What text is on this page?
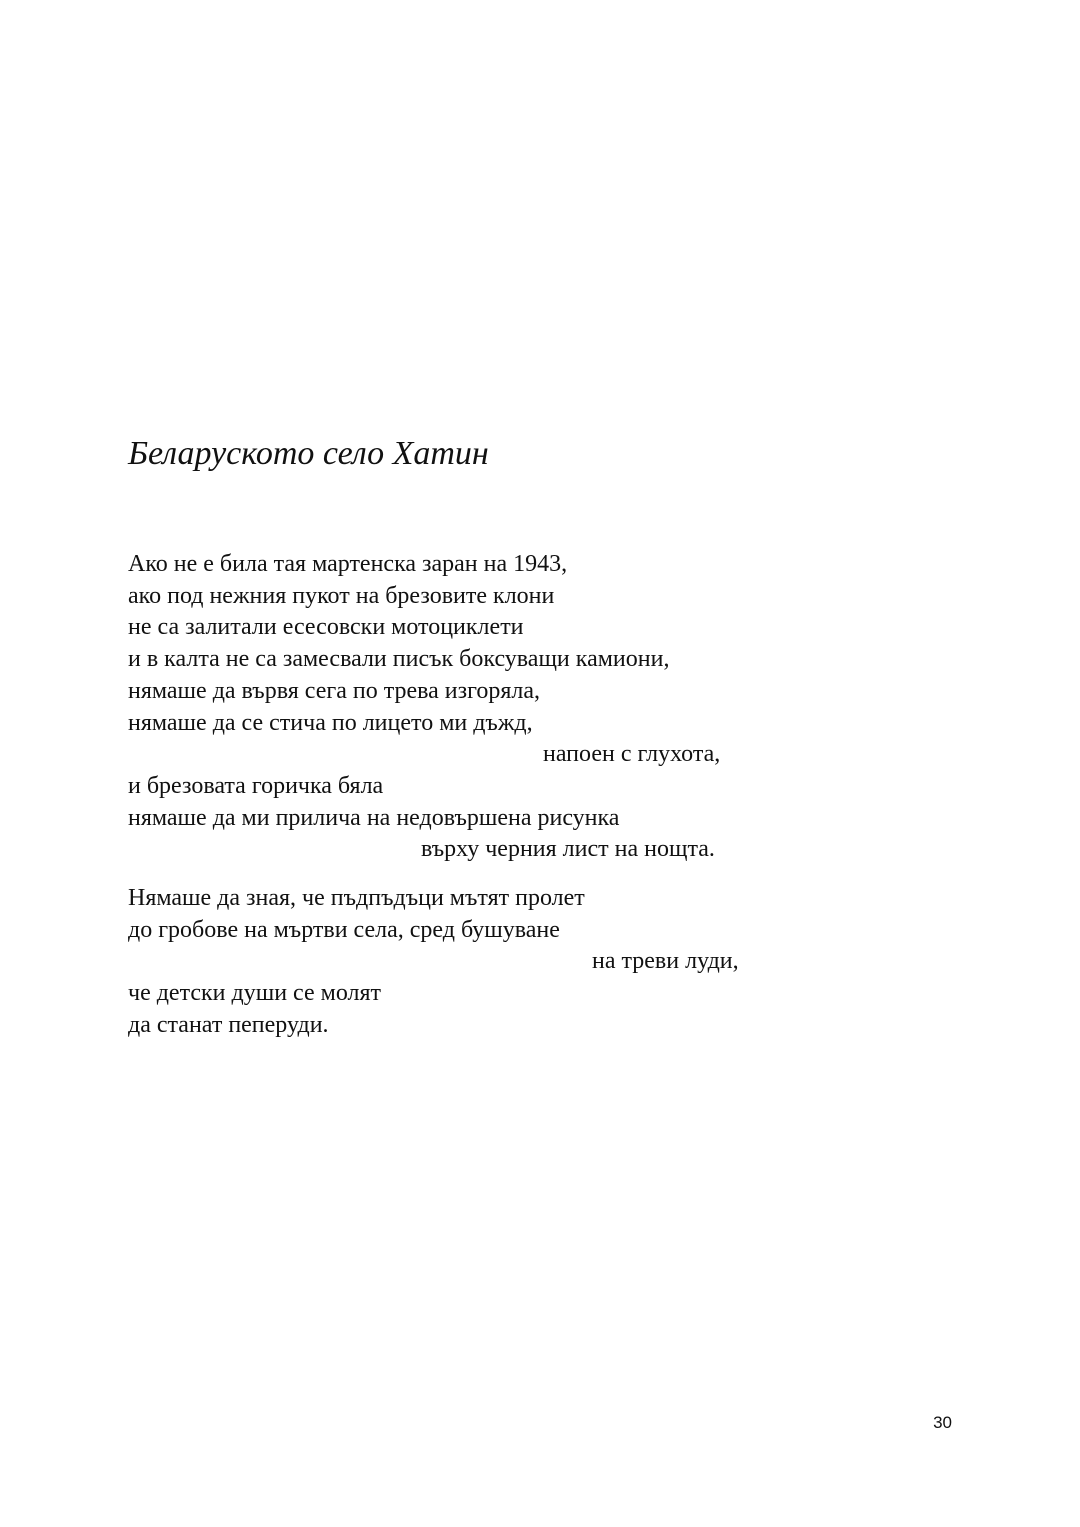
Беларуското село Хатин
Ако не е била тая мартенска заран на 1943,
ако под нежния пукот на брезовите клони
не са залитали есесовски мотоциклети
и в калта не са замесвали писък боксуващи камиони,
нямаше да вървя сега по трева изгоряла,
нямаше да се стича по лицето ми дъжд,
напоен с глухота,
и брезовата горичка бяла
нямаше да ми прилича на недовършена рисунка
върху черния лист на нощта.
Нямаше да зная, че пъдпъдъци мътят пролет
до гробове на мъртви села, сред бушуване
на треви луди,
че детски души се молят
да станат пеперуди.
30
